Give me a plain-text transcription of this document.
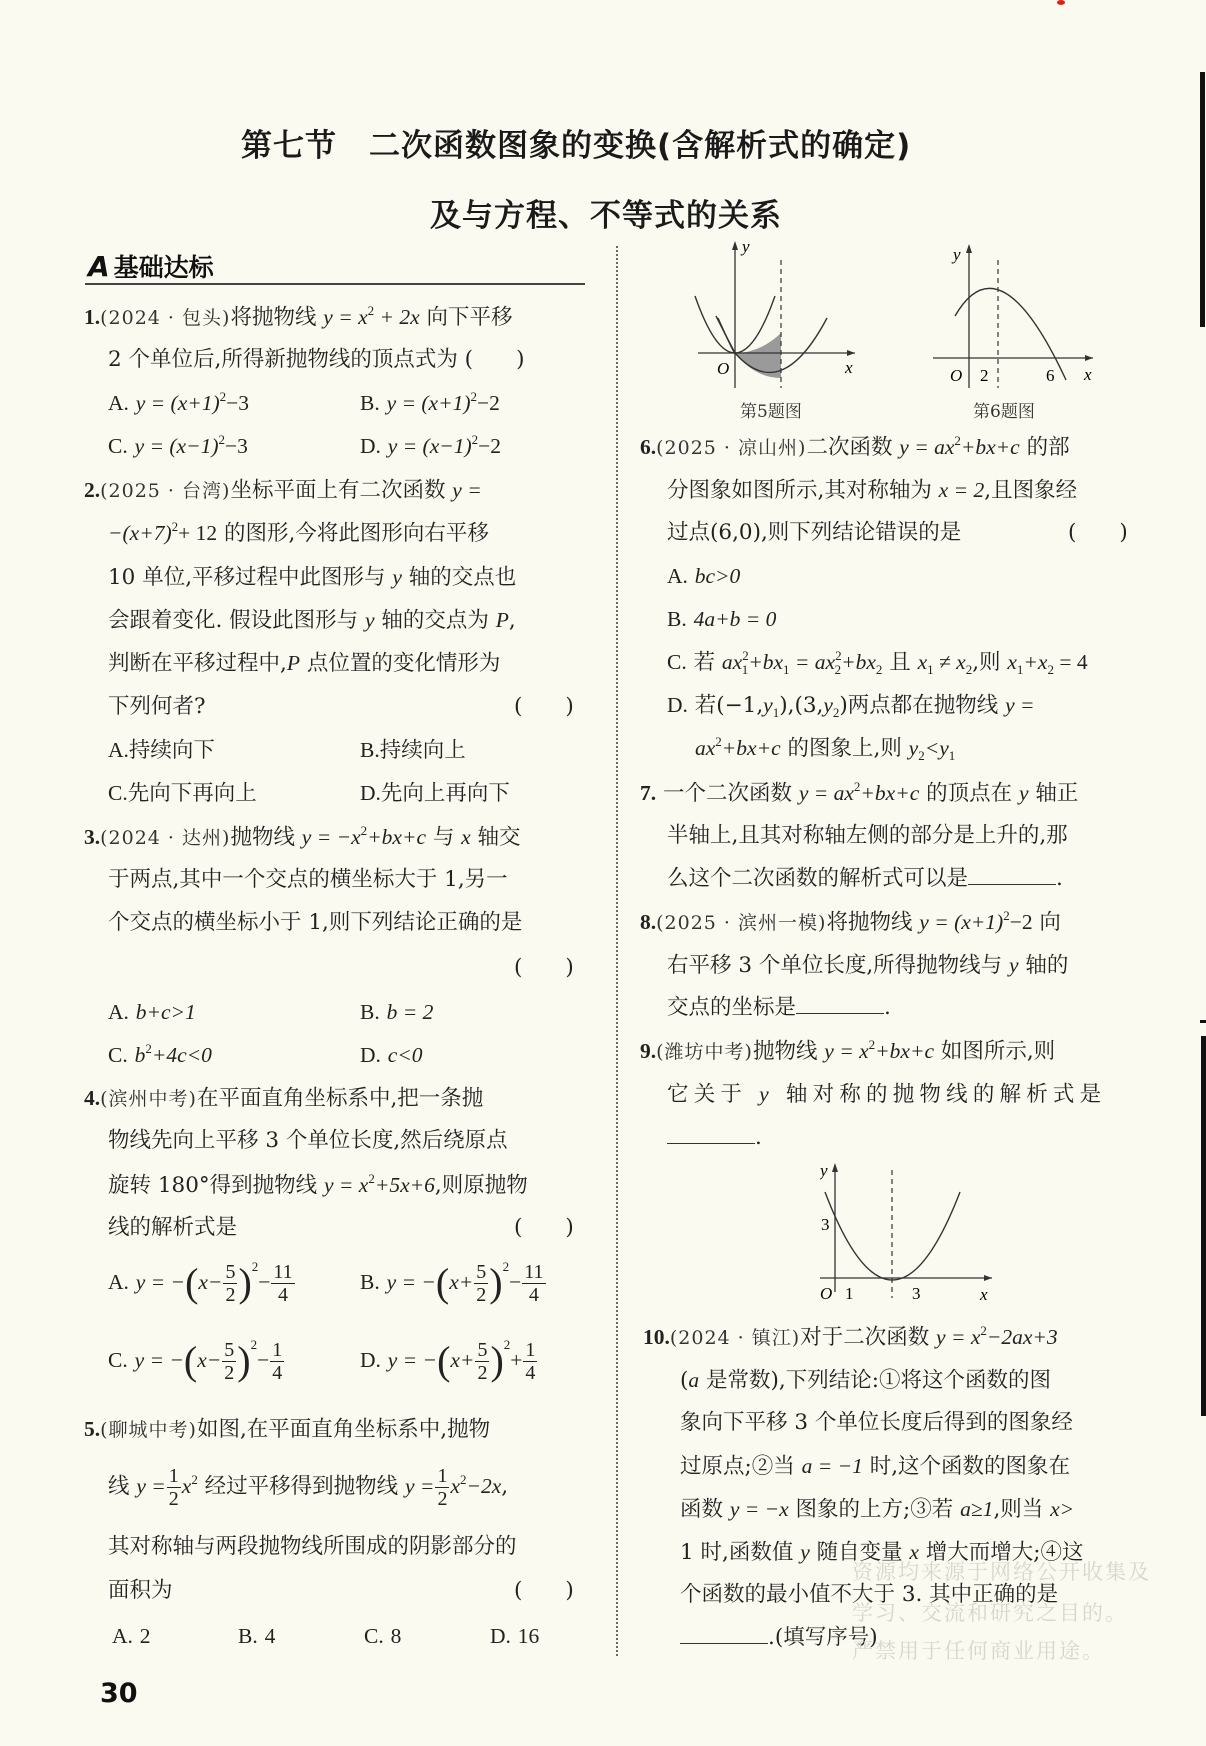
第七节　二次函数图象的变换(含解析式的确定)
及与方程、不等式的关系
A 基础达标
1.(2024 · 包头)将抛物线 $y = x^2 + 2x$ 向下平移
2 个单位后,所得新抛物线的顶点式为 (　　)
A. $y = (x+1)^2-3$	B. $y = (x+1)^2-2$
C. $y = (x-1)^2-3$	D. $y = (x-1)^2-2$
2.(2025 · 台湾)坐标平面上有二次函数 y =
$-(x+7)^2+ 12$ 的图形,今将此图形向右平移
10 单位,平移过程中此图形与 y 轴的交点也
会跟着变化. 假设此图形与 y 轴的交点为 P,
判断在平移过程中,P 点位置的变化情形为
下列何者?	(　　)
A.持续向下	B.持续向上
C.先向下再向上	D.先向上再向下
3.(2024 · 达州)抛物线 $y = -x^2+bx+c$ 与 x 轴交
于两点,其中一个交点的横坐标大于 1,另一
个交点的横坐标小于 1,则下列结论正确的是
(　　)
A. b+c>1	B. b = 2
C. $b^2+4c<0$	D. c<0
4.(滨州中考)在平面直角坐标系中,把一条抛
物线先向上平移 3 个单位长度,然后绕原点
旋转 180°得到抛物线 $y = x^2+5x+6$,则原抛物
线的解析式是	(　　)
A. $y = -(x- \frac{5}{2} )^2- \frac{11}{4}$	B. $y = -(x+ \frac{5}{2} )^2- \frac{11}{4}$
C. $y = -(x- \frac{5}{2} )^2- \frac{1}{4}$	D. $y = -(x+ \frac{5}{2} )^2+ \frac{1}{4}$
5.(聊城中考)如图,在平面直角坐标系中,抛物
线 $y = \frac{1}{2} x^2$ 经过平移得到抛物线 $y = \frac{1}{2} x^2-2x$,
其对称轴与两段抛物线所围成的阴影部分的
面积为	(　　)
A. 2	B. 4	C. 8	D. 16
y
x
O
第5题图
y
x
O 2	6
第6题图
6.(2025 · 凉山州)二次函数 $y = ax^2+bx+c$ 的部
分图象如图所示,其对称轴为 x = 2,且图象经
过点(6,0),则下列结论错误的是	(　　)
A. bc>0
B. 4a+b = 0
C. 若 $ax^2_1+bx_1 = ax^2_2+bx_2$ 且 $x_1 \ne x_2$,则 $x_1+x_2 = 4$
D. 若$(-1,y_1),(3,y_2)$两点都在抛物线 y =
$ax^2+bx+c$ 的图象上,则 $y_2<y_1$
7. 一个二次函数 $y = ax^2+bx+c$ 的顶点在 y 轴正
半轴上,且其对称轴左侧的部分是上升的,那
么这个二次函数的解析式可以是	.
8.(2025 · 滨州一模)将抛物线 $y = (x+1)^2-2$ 向
右平移 3 个单位长度,所得抛物线与 y 轴的
交点的坐标是	.
9.(潍坊中考)抛物线 $y = x^2+bx+c$ 如图所示,则
它关于 y 轴对称的抛物线的解析式是
.
y
x
O 1	3
3
10.(2024 · 镇江)对于二次函数 $y = x^2-2ax+3$
(a 是常数),下列结论:①将这个函数的图
象向下平移 3 个单位长度后得到的图象经
过原点;②当 a = −1 时,这个函数的图象在
函数 y = −x 图象的上方;③若 a≥1,则当 x>
1 时,函数值 y 随自变量 x 增大而增大;④这
个函数的最小值不大于 3. 其中正确的是
.(填写序号)
资源均来源于网络公开收集及
学习、交流和研究之目的。
严禁用于任何商业用途。
30
